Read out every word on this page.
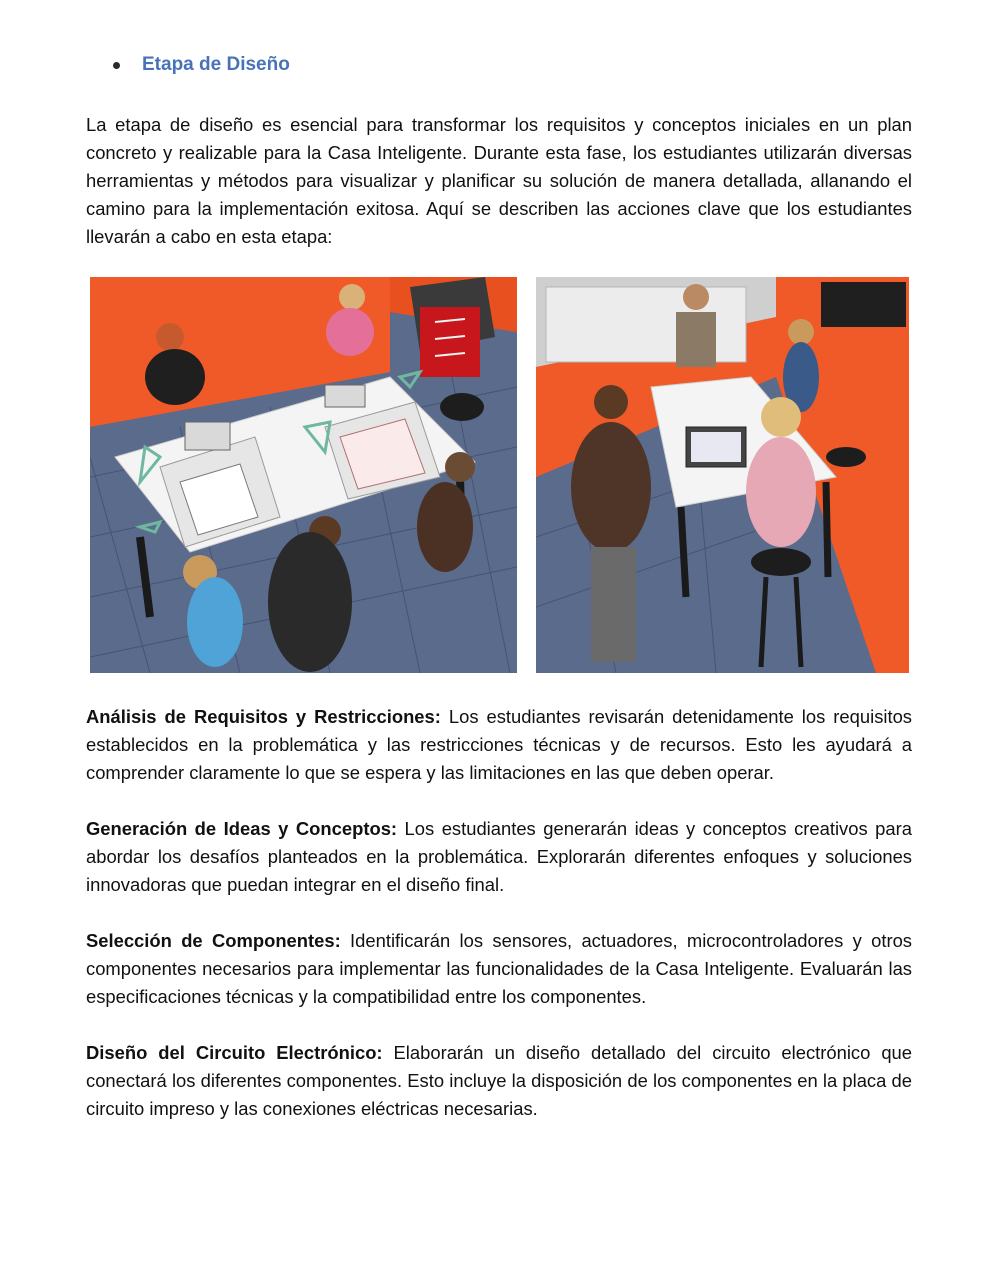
Etapa de Diseño

La etapa de diseño es esencial para transformar los requisitos y conceptos iniciales en un plan concreto y realizable para la Casa Inteligente. Durante esta fase, los estudiantes utilizarán diversas herramientas y métodos para visualizar y planificar su solución de manera detallada, allanando el camino para la implementación exitosa. Aquí se describen las acciones clave que los estudiantes llevarán a cabo en esta etapa:

Análisis de Requisitos y Restricciones: Los estudiantes revisarán detenidamente los requisitos establecidos en la problemática y las restricciones técnicas y de recursos. Esto les ayudará a comprender claramente lo que se espera y las limitaciones en las que deben operar.

Generación de Ideas y Conceptos: Los estudiantes generarán ideas y conceptos creativos para abordar los desafíos planteados en la problemática. Explorarán diferentes enfoques y soluciones innovadoras que puedan integrar en el diseño final.

Selección de Componentes: Identificarán los sensores, actuadores, microcontroladores y otros componentes necesarios para implementar las funcionalidades de la Casa Inteligente. Evaluarán las especificaciones técnicas y la compatibilidad entre los componentes.

Diseño del Circuito Electrónico: Elaborarán un diseño detallado del circuito electrónico que conectará los diferentes componentes. Esto incluye la disposición de los componentes en la placa de circuito impreso y las conexiones eléctricas necesarias.
